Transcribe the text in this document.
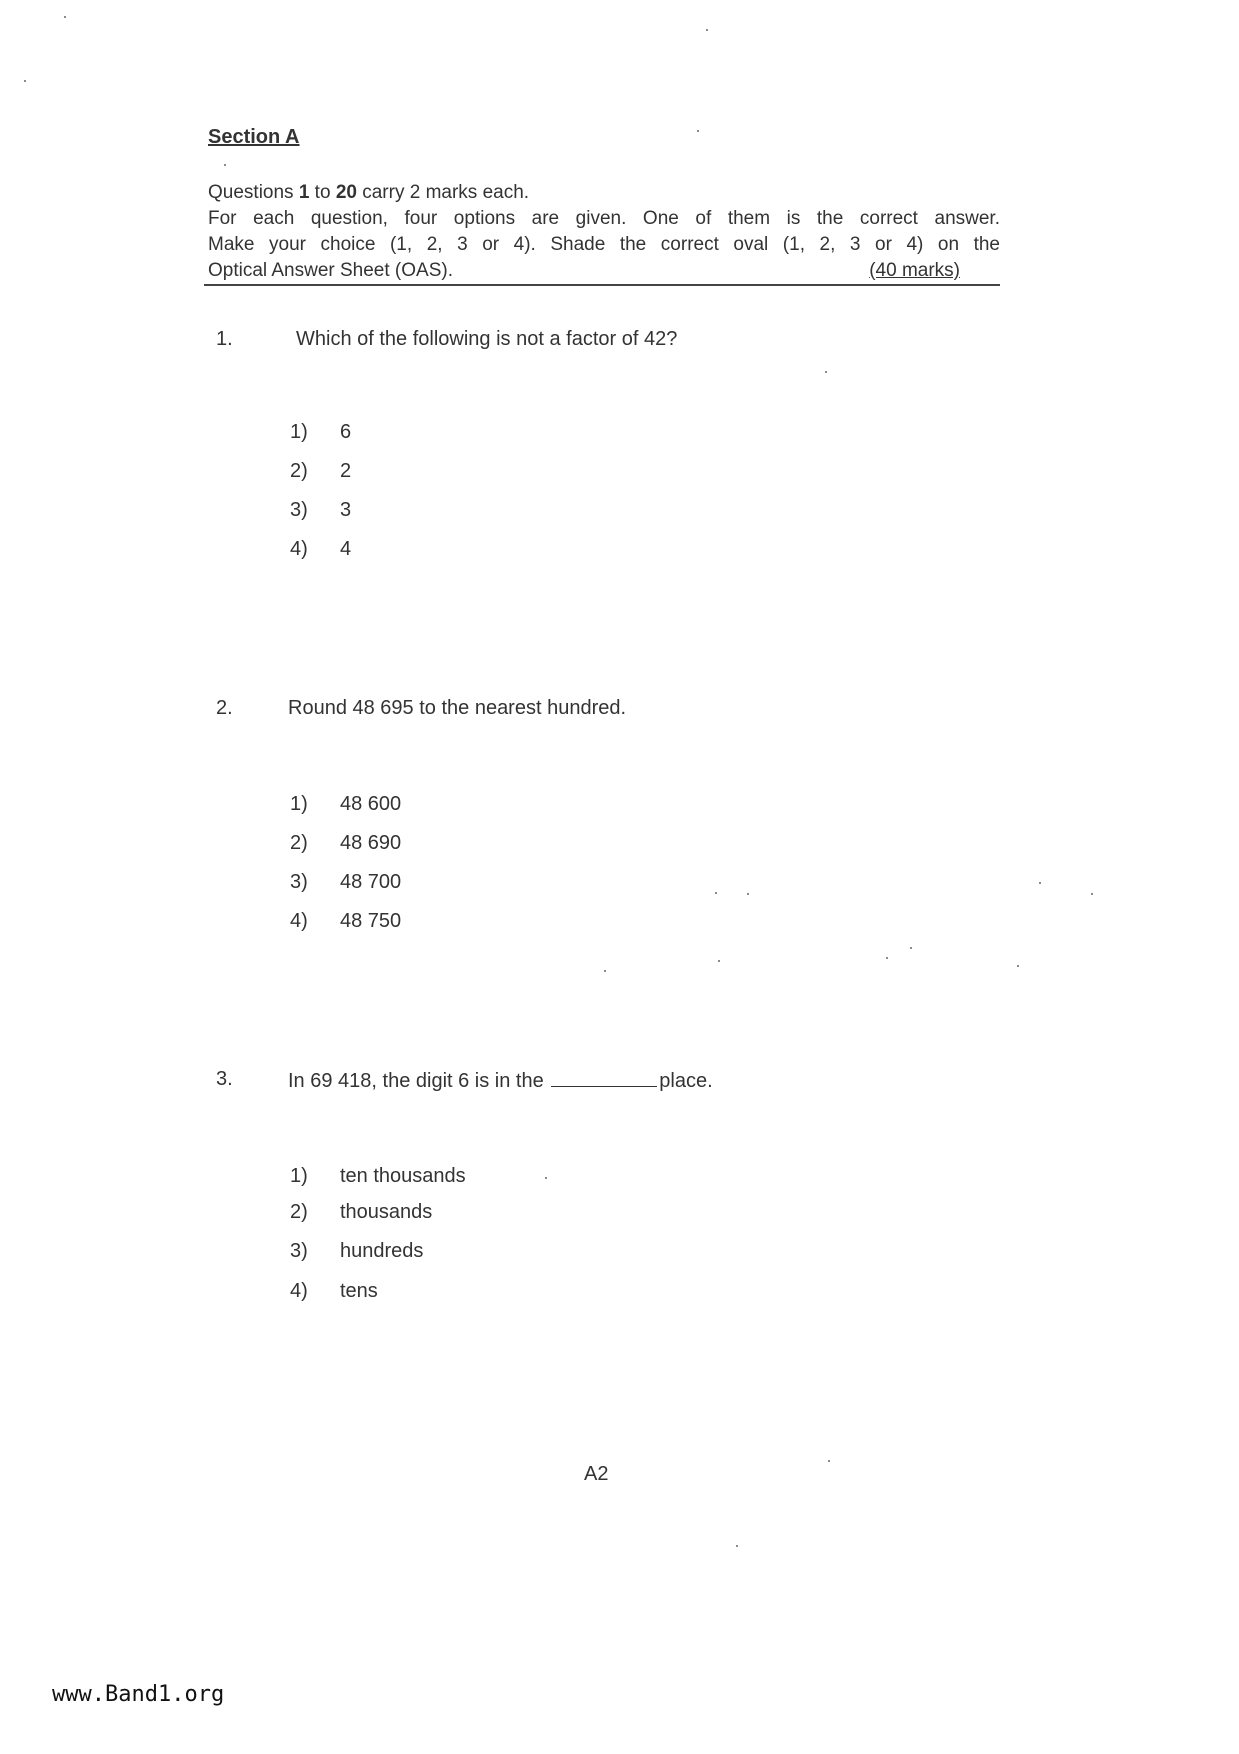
Section A
Questions 1 to 20 carry 2 marks each.
For each question, four options are given. One of them is the correct answer.
Make your choice (1, 2, 3 or 4). Shade the correct oval (1, 2, 3 or 4) on the
Optical Answer Sheet (OAS).	(40 marks)
1.	Which of the following is not a factor of 42?
1) 6
2) 2
3) 3
4) 4
2.	Round 48 695 to the nearest hundred.
1) 48 600
2) 48 690
3) 48 700
4) 48 750
3.	In 69 418, the digit 6 is in the	place.
1) ten thousands
2) thousands
3) hundreds
4) tens
A2
www.Band1.org
